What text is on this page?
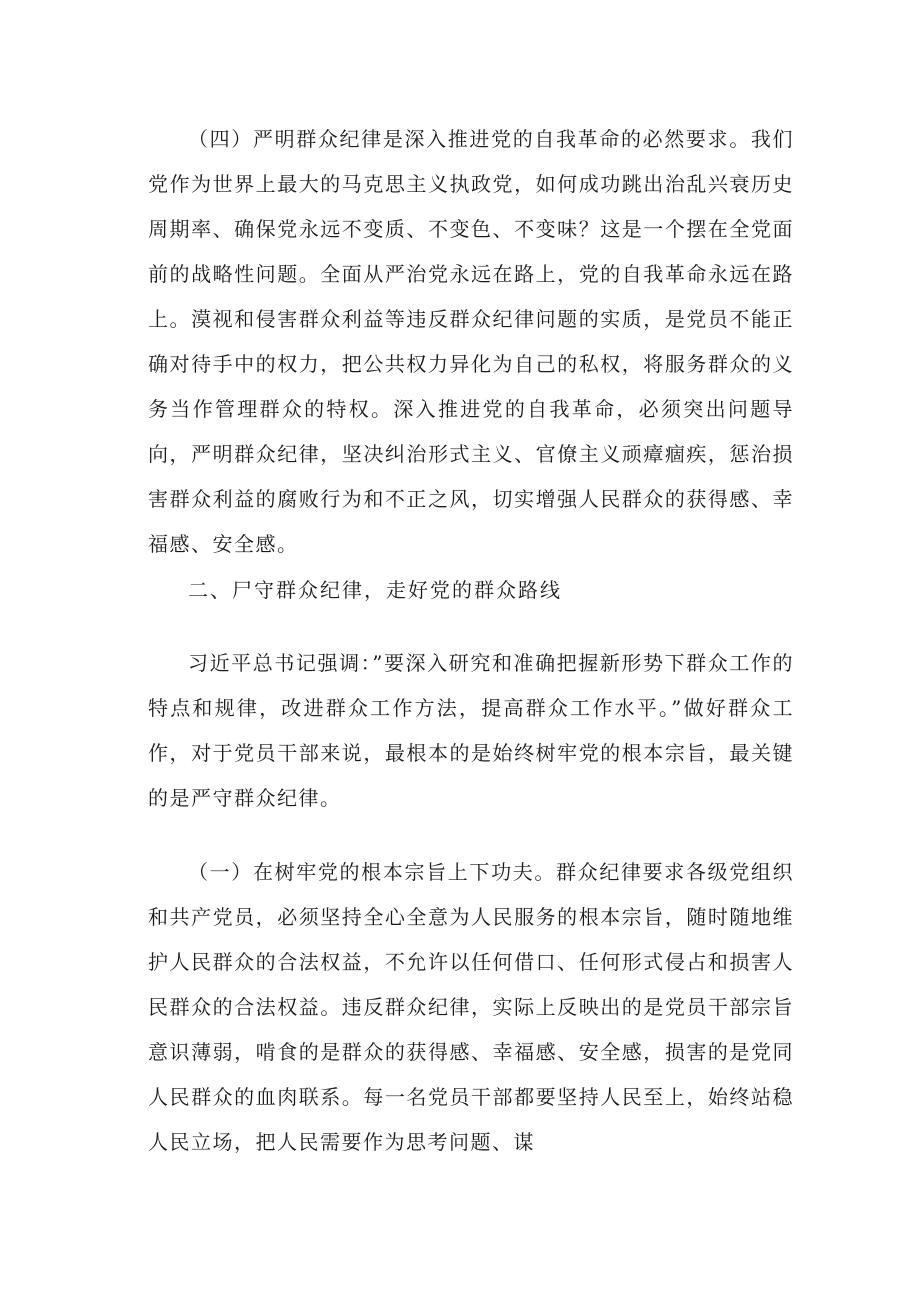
（四）严明群众纪律是深入推进党的自我革命的必然要求。我们党作为世界上最大的马克思主义执政党，如何成功跳出治乱兴衰历史周期率、确保党永远不变质、不变色、不变味？这是一个摆在全党面前的战略性问题。全面从严治党永远在路上，党的自我革命永远在路上。漠视和侵害群众利益等违反群众纪律问题的实质，是党员不能正确对待手中的权力，把公共权力异化为自己的私权，将服务群众的义务当作管理群众的特权。深入推进党的自我革命，必须突出问题导向，严明群众纪律，坚决纠治形式主义、官僚主义顽瘴痼疾，惩治损害群众利益的腐败行为和不正之风，切实增强人民群众的获得感、幸福感、安全感。

二、尸守群众纪律，走好党的群众路线

习近平总书记强调：”要深入研究和准确把握新形势下群众工作的特点和规律，改进群众工作方法，提高群众工作水平。”做好群众工作，对于党员干部来说，最根本的是始终树牢党的根本宗旨，最关键的是严守群众纪律。

（一）在树牢党的根本宗旨上下功夫。群众纪律要求各级党组织和共产党员，必须坚持全心全意为人民服务的根本宗旨，随时随地维护人民群众的合法权益，不允许以任何借口、任何形式侵占和损害人民群众的合法权益。违反群众纪律，实际上反映出的是党员干部宗旨意识薄弱，啃食的是群众的获得感、幸福感、安全感，损害的是党同人民群众的血肉联系。每一名党员干部都要坚持人民至上，始终站稳人民立场，把人民需要作为思考问题、谋
